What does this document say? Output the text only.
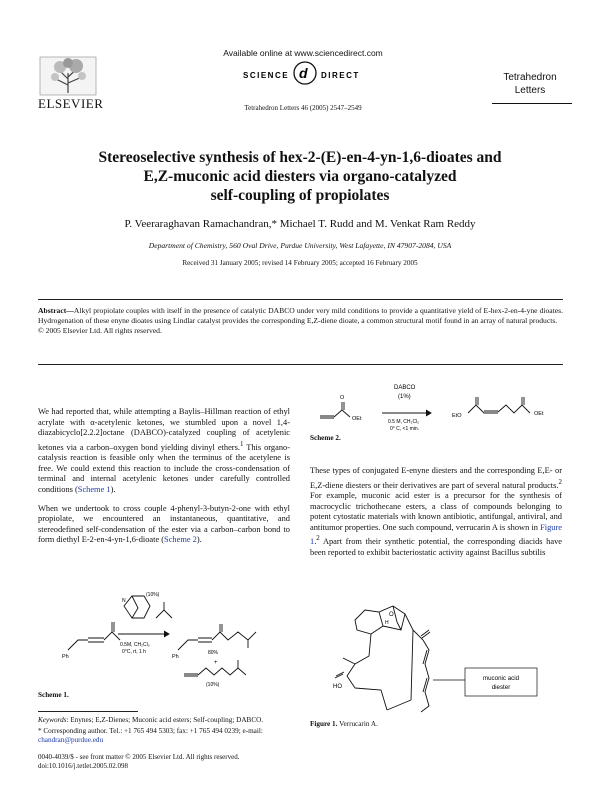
ELSEVIER
Available online at www.sciencedirect.com
SCIENCE d DIRECT
Tetrahedron Letters 46 (2005) 2547–2549
Tetrahedron
Letters
Stereoselective synthesis of hex-2-(E)-en-4-yn-1,6-dioates and
E,Z-muconic acid diesters via organo-catalyzed
self-coupling of propiolates
P. Veeraraghavan Ramachandran,* Michael T. Rudd and M. Venkat Ram Reddy
Department of Chemistry, 560 Oval Drive, Purdue University, West Lafayette, IN 47907-2084, USA
Received 31 January 2005; revised 14 February 2005; accepted 16 February 2005
Abstract—Alkyl propiolate couples with itself in the presence of catalytic DABCO under very mild conditions to provide a quantitative yield of E-hex-2-en-4-yne dioates. Hydrogenation of these enyne dioates using Lindlar catalyst provides the corresponding E,Z-diene dioate, a common structural motif found in an array of natural products.
© 2005 Elsevier Ltd. All rights reserved.

We had reported that, while attempting a Baylis–Hillman reaction of ethyl acrylate with α-acetylenic ketones, we stumbled upon a novel 1,4-diazabicyclo[2.2.2]octane (DABCO)-catalyzed coupling of acetylenic ketones via a carbon–oxygen bond yielding divinyl ethers.$^1$ This organo-catalysis reaction is feasible only when the terminus of the acetylene is free. We could extend this reaction to include the cross-condensation of terminal and internal acetylenic ketones under carefully controlled conditions (Scheme 1).

When we undertook to cross couple 4-phenyl-3-butyn-2-one with ethyl propiolate, we encountered an instantaneous, quantitative, and stereodefined self-condensation of the ester via a carbon–carbon bond to form diethyl E-2-en-4-yn-1,6-dioate (Scheme 2).

N
(10%)
Ph
0.5M, CH₂Cl₂
0°C, rt, 1 h
Ph
80%
+
(10%)
Scheme 1.

Keywords: Enynes; E,Z-Dienes; Muconic acid esters; Self-coupling; DABCO.

* Corresponding author. Tel.: +1 765 494 5303; fax: +1 765 494 0239; e-mail: chandran@purdue.edu

0040-4039/$ - see front matter © 2005 Elsevier Ltd. All rights reserved.
doi:10.1016/j.tetlet.2005.02.098
O
OEt
DABCO
(1%)
0.5 M, CH₂Cl₂
0° C, <1 min.
EtO	OEt
Scheme 2.

These types of conjugated E-enyne diesters and the corresponding E,E- or E,Z-diene diesters or their derivatives are part of several natural products.$^2$ For example, muconic acid ester is a precursor for the synthesis of macrocyclic trichothecane esters, a class of compounds belonging to potent cytostatic materials with known antibiotic, antifungal, antiviral, and antitumor properties. One such compound, verrucarin A is shown in Figure 1.$^2$ Apart from their synthetic potential, the corresponding diacids have been reported to exhibit bacteriostatic activity against Bacillus subtilis

H
O
HO
muconic acid
diester
Figure 1. Verrucarin A.
